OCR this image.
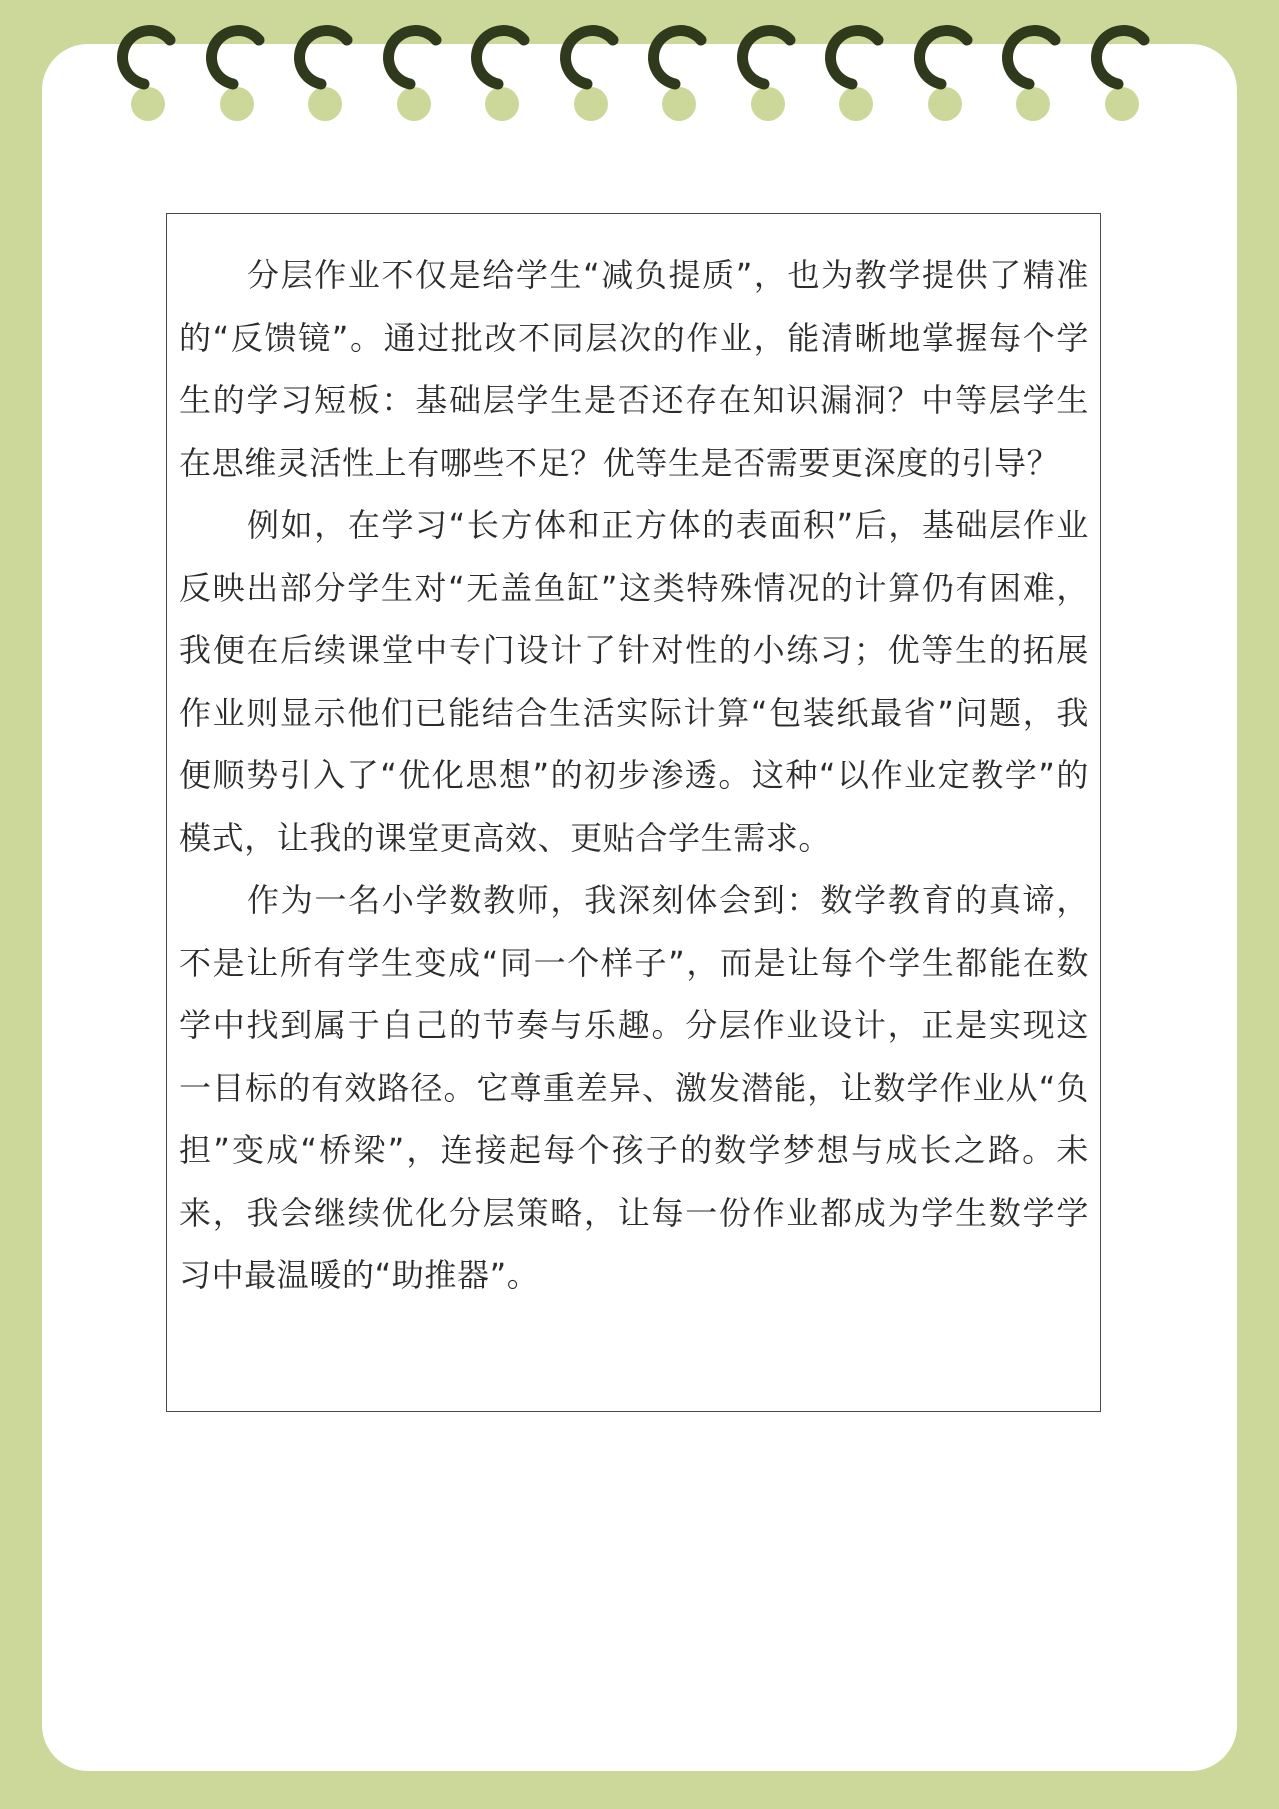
分层作业不仅是给学生“减负提质”，也为教学提供了精准的“反馈镜”。通过批改不同层次的作业，能清晰地掌握每个学生的学习短板：基础层学生是否还存在知识漏洞？中等层学生在思维灵活性上有哪些不足？优等生是否需要更深度的引导？

例如，在学习“长方体和正方体的表面积”后，基础层作业反映出部分学生对“无盖鱼缸”这类特殊情况的计算仍有困难，我便在后续课堂中专门设计了针对性的小练习；优等生的拓展作业则显示他们已能结合生活实际计算“包装纸最省”问题，我便顺势引入了“优化思想”的初步渗透。这种“以作业定教学”的模式，让我的课堂更高效、更贴合学生需求。

作为一名小学数教师，我深刻体会到：数学教育的真谛，不是让所有学生变成“同一个样子”，而是让每个学生都能在数学中找到属于自己的节奏与乐趣。分层作业设计，正是实现这一目标的有效路径。它尊重差异、激发潜能，让数学作业从“负担”变成“桥梁”，连接起每个孩子的数学梦想与成长之路。未来，我会继续优化分层策略，让每一份作业都成为学生数学学习中最温暖的“助推器”。
